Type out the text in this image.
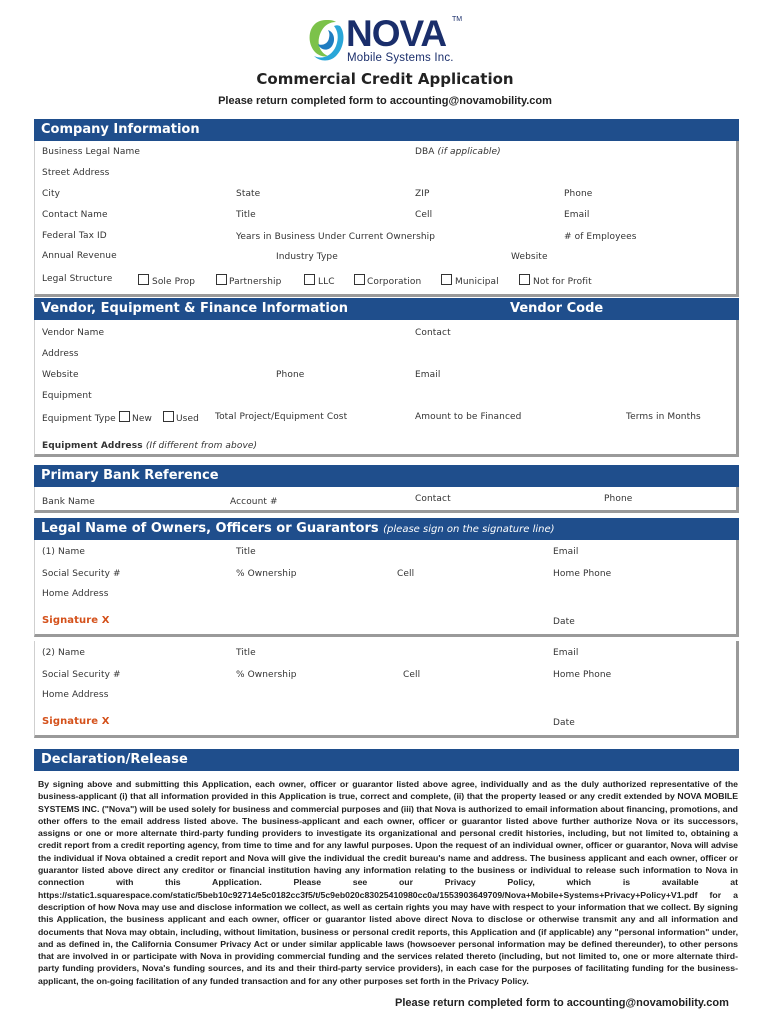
NOVA TM
Mobile Systems Inc.
Commercial Credit Application
Please return completed form to accounting@novamobility.com
Company Information
Business Legal Name	DBA (if applicable)
Street Address
City	State	ZIP	Phone
Contact Name	Title	Cell	Email
Federal Tax ID	Years in Business Under Current Ownership	# of Employees
Annual Revenue	Industry Type	Website
Legal Structure	Sole Prop	Partnership	LLC	Corporation	Municipal	Not for Profit
Vendor, Equipment & Finance Information	Vendor Code
Vendor Name	Contact
Address
Website	Phone	Email
Equipment
Equipment Type New	Used Total Project/Equipment Cost	Amount to be Financed	Terms in Months
Equipment Address (If different from above)
Primary Bank Reference
Bank Name	Account #	Contact	Phone
Legal Name of Owners, Officers or Guarantors (please sign on the signature line)
(1) Name	Title	Email
Social Security #	% Ownership	Cell	Home Phone
Home Address
Signature X	Date
(2) Name	Title	Email
Social Security #	% Ownership	Cell	Home Phone
Home Address
Signature X	Date
Declaration/Release
By signing above and submitting this Application, each owner, officer or guarantor listed above agree, individually and as the duly authorized representative of the business-applicant (i) that all information provided in this Application is true, correct and complete, (ii) that the property leased or any credit extended by NOVA MOBILE SYSTEMS INC. ("Nova") will be used solely for business and commercial purposes and (iii) that Nova is authorized to email information about financing, promotions, and other offers to the email address listed above. The business-applicant and each owner, officer or guarantor listed above further authorize Nova or its successors, assigns or one or more alternate third-party funding providers to investigate its organizational and personal credit histories, including, but not limited to, obtaining a credit report from a credit reporting agency, from time to time and for any lawful purposes. Upon the request of an individual owner, officer or guarantor, Nova will advise the individual if Nova obtained a credit report and Nova will give the individual the credit bureau's name and address. The business applicant and each owner, officer or guarantor listed above direct any creditor or financial institution having any information relating to the business or individual to release such information to Nova in connection with this Application. Please see our Privacy Policy, which is available at https://static1.squarespace.com/static/5beb10c92714e5c0182cc3f5/t/5c9eb020c83025410980cc0a/1553903649709/Nova+Mobile+Systems+Privacy+Policy+V1.pdf for a description of how Nova may use and disclose information we collect, as well as certain rights you may have with respect to your information that we collect. By signing this Application, the business applicant and each owner, officer or guarantor listed above direct Nova to disclose or otherwise transmit any and all information and documents that Nova may obtain, including, without limitation, business or personal credit reports, this Application and (if applicable) any "personal information" under, and as defined in, the California Consumer Privacy Act or under similar applicable laws (howsoever personal information may be defined thereunder), to other persons that are involved in or participate with Nova in providing commercial funding and the services related thereto (including, but not limited to, one or more alternate third-party funding providers, Nova's funding sources, and its and their third-party service providers), in each case for the purposes of facilitating funding for the business-applicant, the on-going facilitation of any funded transaction and for any other purposes set forth in the Privacy Policy.
Please return completed form to accounting@novamobility.com
